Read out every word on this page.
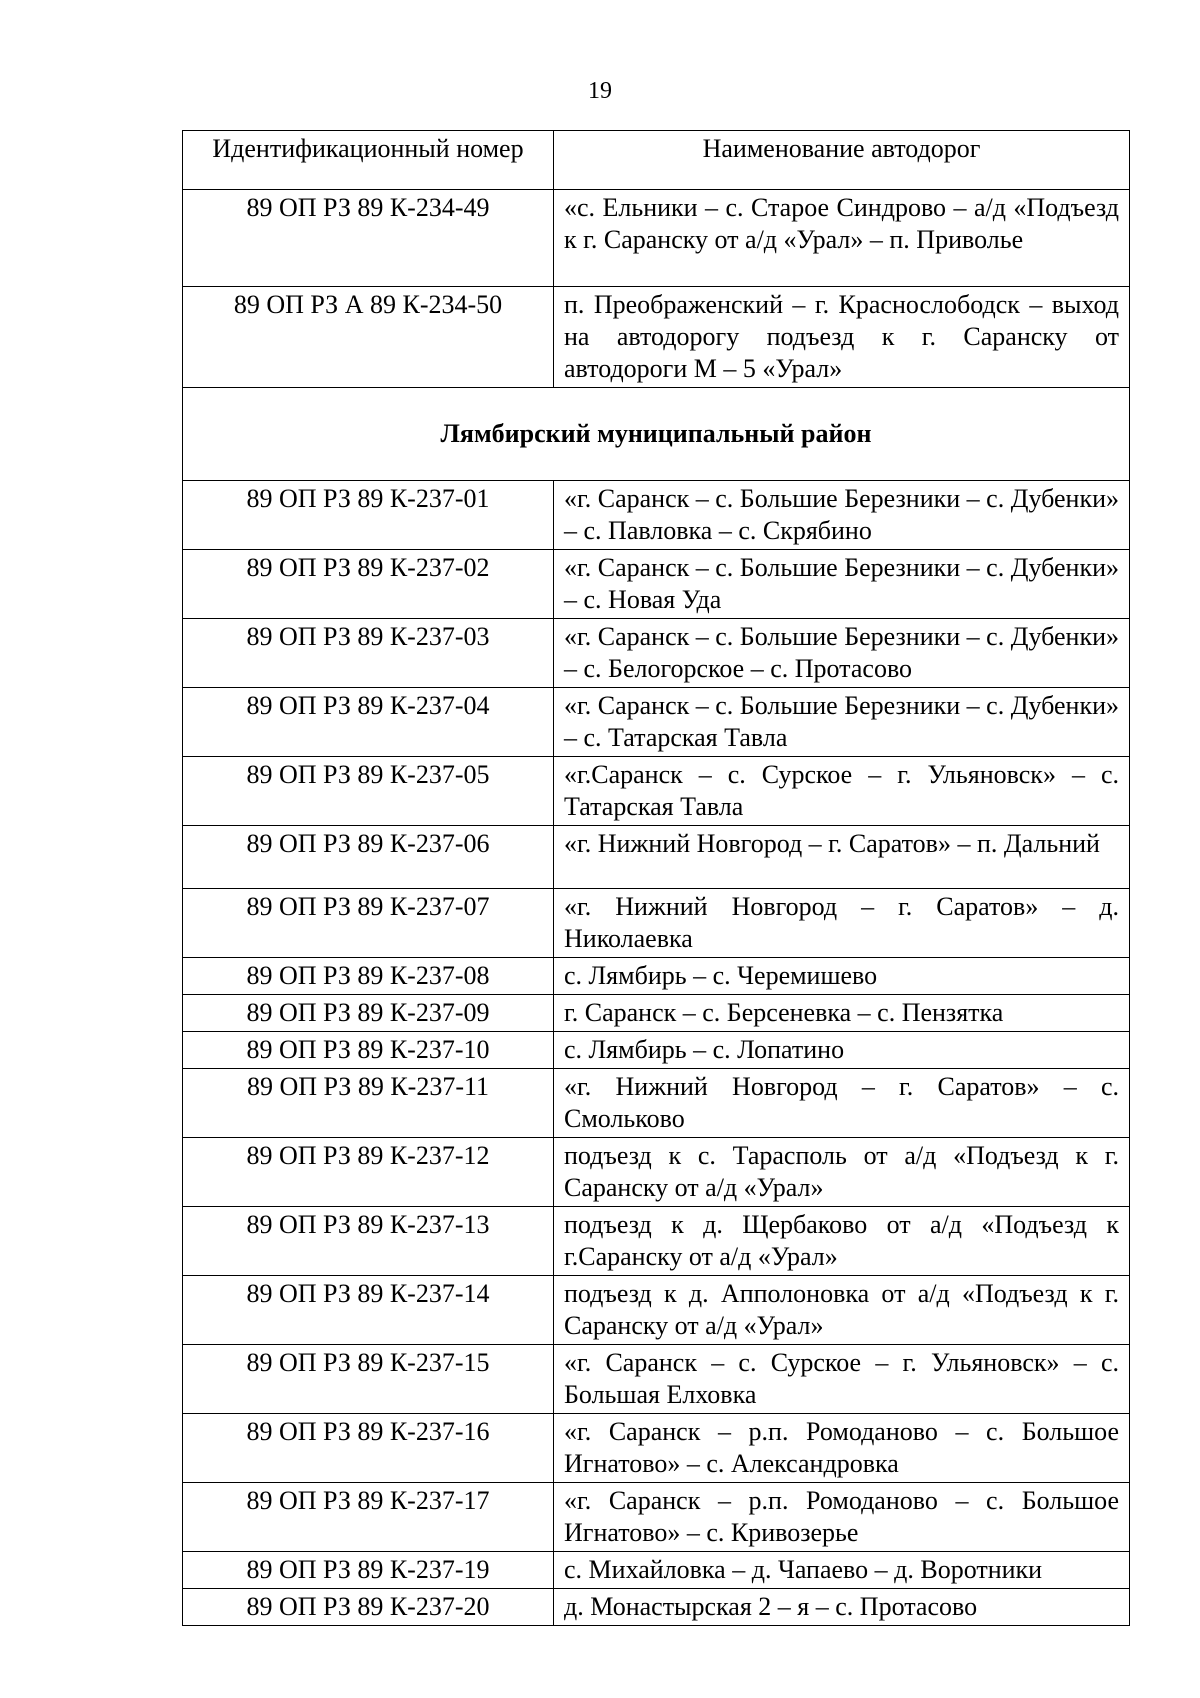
19
Идентификационный номер	Наименование автодорог
89 ОП РЗ 89 К-234-49	«с. Ельники – с. Старое Синдрово – а/д «Подъезд к г. Саранску от а/д «Урал» – п. Приволье
89 ОП РЗ А 89 К-234-50	п. Преображенский – г. Краснослободск – выход на автодорогу подъезд к г. Саранску от автодороги М – 5 «Урал»
Лямбирский муниципальный район	
89 ОП РЗ 89 К-237-01	«г. Саранск – с. Большие Березники – с. Дубенки» – с. Павловка – с. Скрябино
89 ОП РЗ 89 К-237-02	«г. Саранск – с. Большие Березники – с. Дубенки» – с. Новая Уда
89 ОП РЗ 89 К-237-03	«г. Саранск – с. Большие Березники – с. Дубенки» – с. Белогорское – с. Протасово
89 ОП РЗ 89 К-237-04	«г. Саранск – с. Большие Березники – с. Дубенки» – с. Татарская Тавла
89 ОП РЗ 89 К-237-05	«г.Саранск – с. Сурское – г. Ульяновск» – с. Татарская Тавла
89 ОП РЗ 89 К-237-06	«г. Нижний Новгород – г. Саратов» – п. Дальний
89 ОП РЗ 89 К-237-07	«г. Нижний Новгород – г. Саратов» – д. Николаевка
89 ОП РЗ 89 К-237-08	с. Лямбирь – с. Черемишево
89 ОП РЗ 89 К-237-09	г. Саранск – с. Берсеневка – с. Пензятка
89 ОП РЗ 89 К-237-10	с. Лямбирь – с. Лопатино
89 ОП РЗ 89 К-237-11	«г. Нижний Новгород – г. Саратов» – с. Смольково
89 ОП РЗ 89 К-237-12	подъезд к с. Тарасполь от а/д «Подъезд к г. Саранску от а/д «Урал»
89 ОП РЗ 89 К-237-13	подъезд к д. Щербаково от а/д «Подъезд к г.Саранску от а/д «Урал»
89 ОП РЗ 89 К-237-14	подъезд к д. Апполоновка от а/д «Подъезд к г. Саранску от а/д «Урал»
89 ОП РЗ 89 К-237-15	«г. Саранск – с. Сурское – г. Ульяновск» – с. Большая Елховка
89 ОП РЗ 89 К-237-16	«г. Саранск – р.п. Ромоданово – с. Большое Игнатово» – с. Александровка
89 ОП РЗ 89 К-237-17	«г. Саранск – р.п. Ромоданово – с. Большое Игнатово» – с. Кривозерье
89 ОП РЗ 89 К-237-19	с. Михайловка – д. Чапаево – д. Воротники
89 ОП РЗ 89 К-237-20	д. Монастырская 2 – я – с. Протасово
